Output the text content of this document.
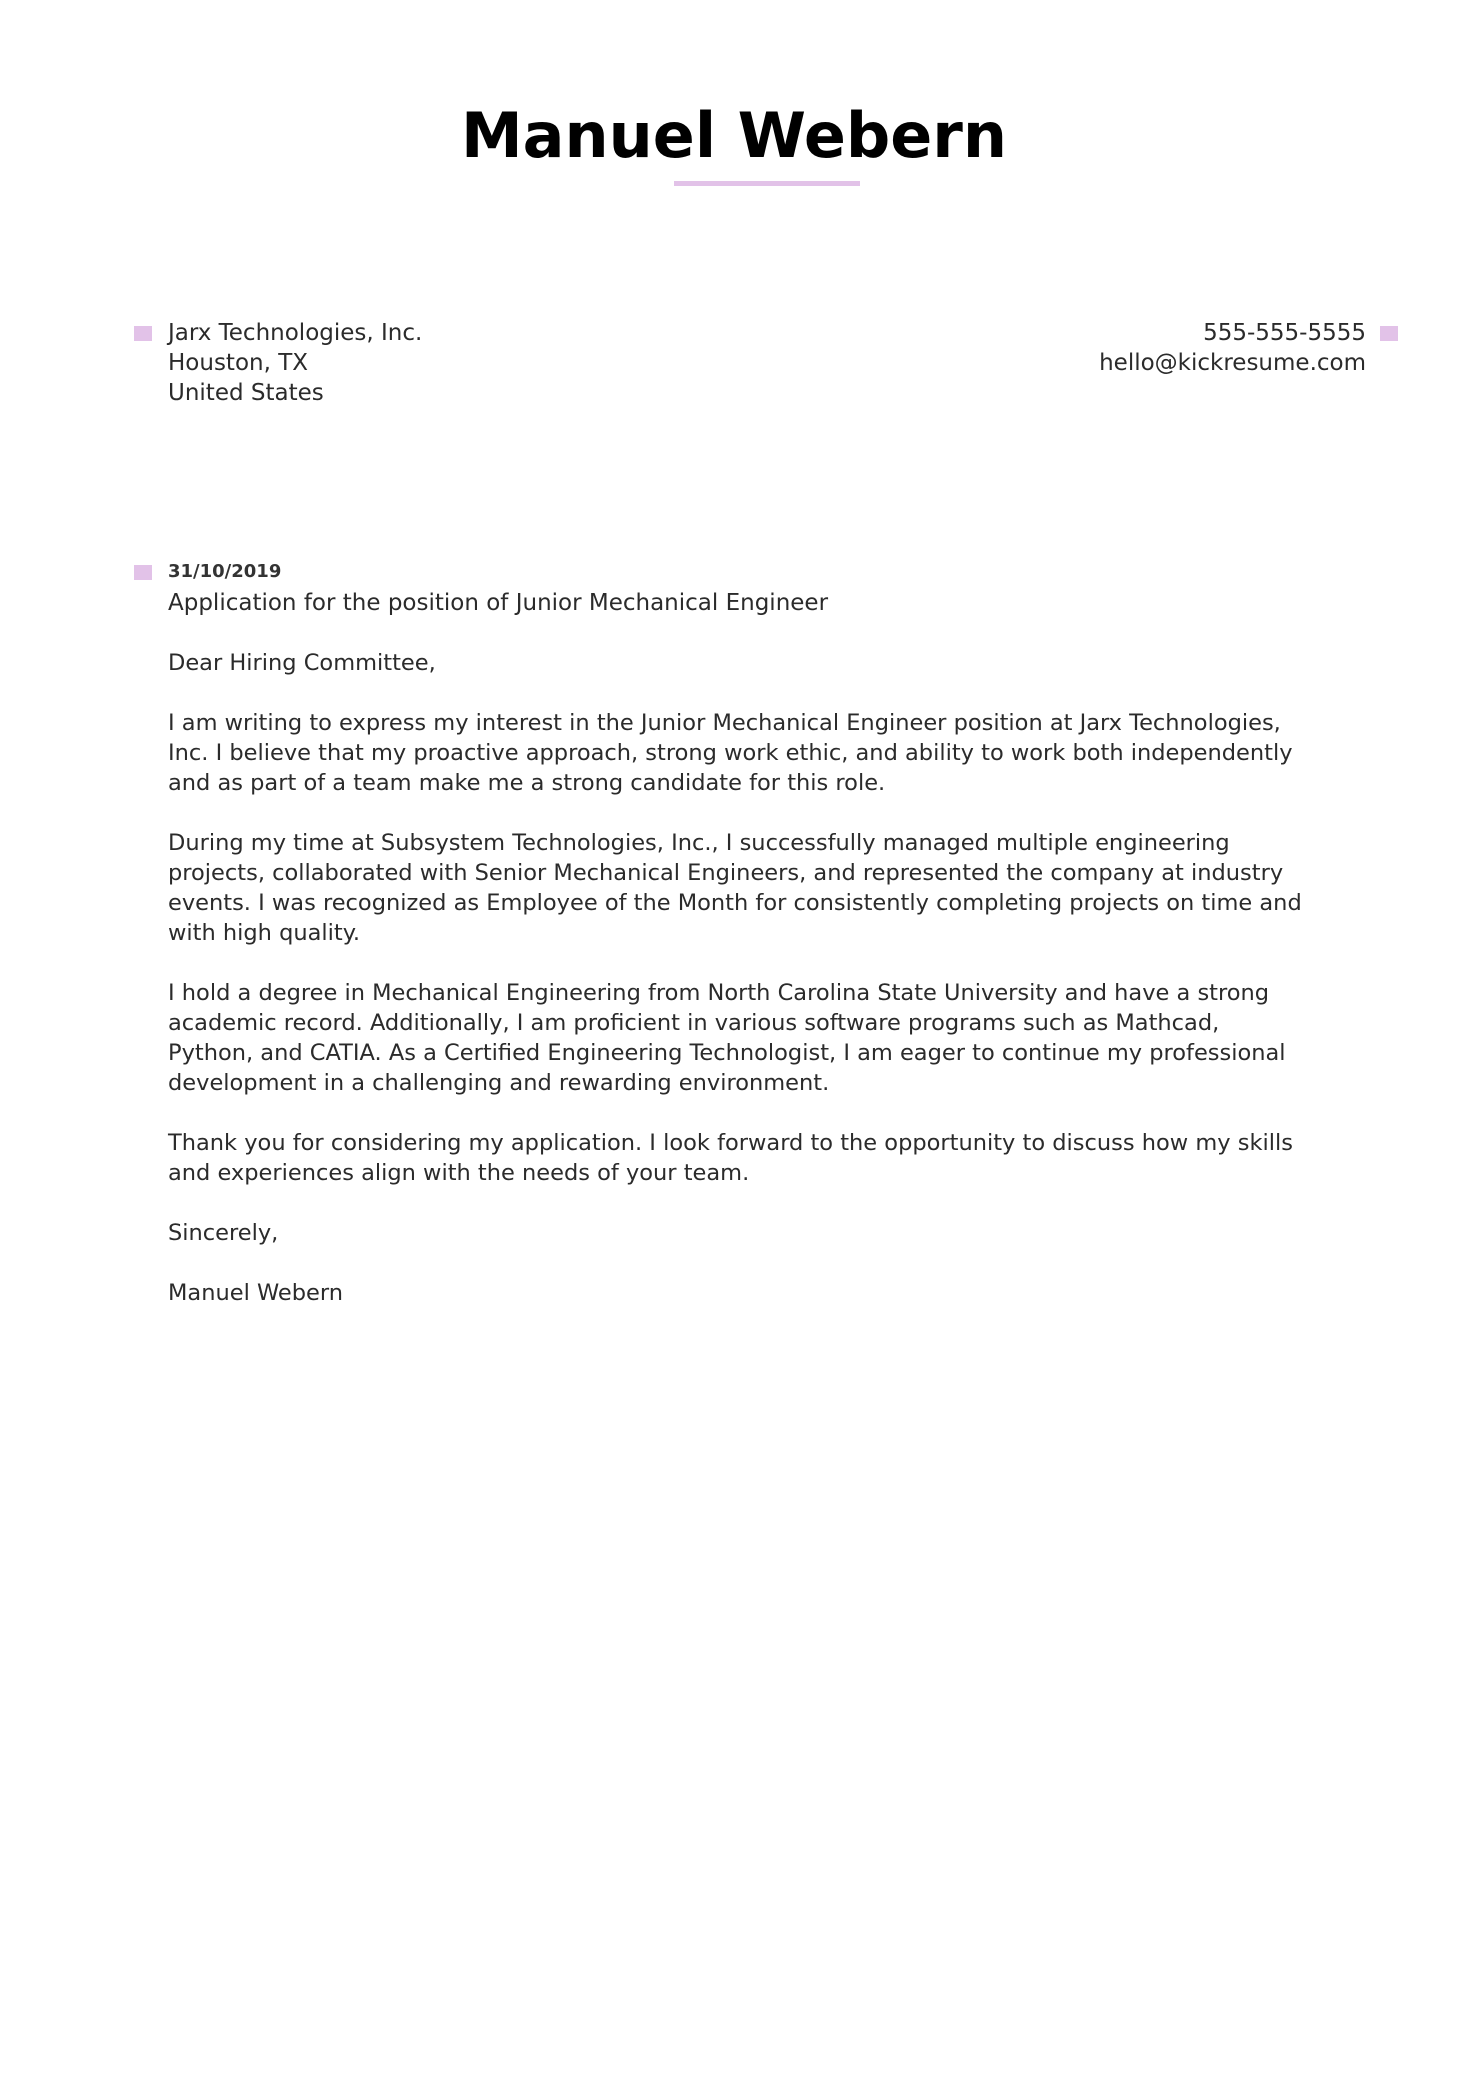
Manuel Webern
Jarx Technologies, Inc.
Houston, TX
United States
555-555-5555
hello@kickresume.com
31/10/2019
Application for the position of Junior Mechanical Engineer
Dear Hiring Committee,
I am writing to express my interest in the Junior Mechanical Engineer position at Jarx Technologies,
Inc. I believe that my proactive approach, strong work ethic, and ability to work both independently
and as part of a team make me a strong candidate for this role.
During my time at Subsystem Technologies, Inc., I successfully managed multiple engineering
projects, collaborated with Senior Mechanical Engineers, and represented the company at industry
events. I was recognized as Employee of the Month for consistently completing projects on time and
with high quality.
I hold a degree in Mechanical Engineering from North Carolina State University and have a strong
academic record. Additionally, I am proficient in various software programs such as Mathcad,
Python, and CATIA. As a Certified Engineering Technologist, I am eager to continue my professional
development in a challenging and rewarding environment.
Thank you for considering my application. I look forward to the opportunity to discuss how my skills
and experiences align with the needs of your team.
Sincerely,
Manuel Webern
